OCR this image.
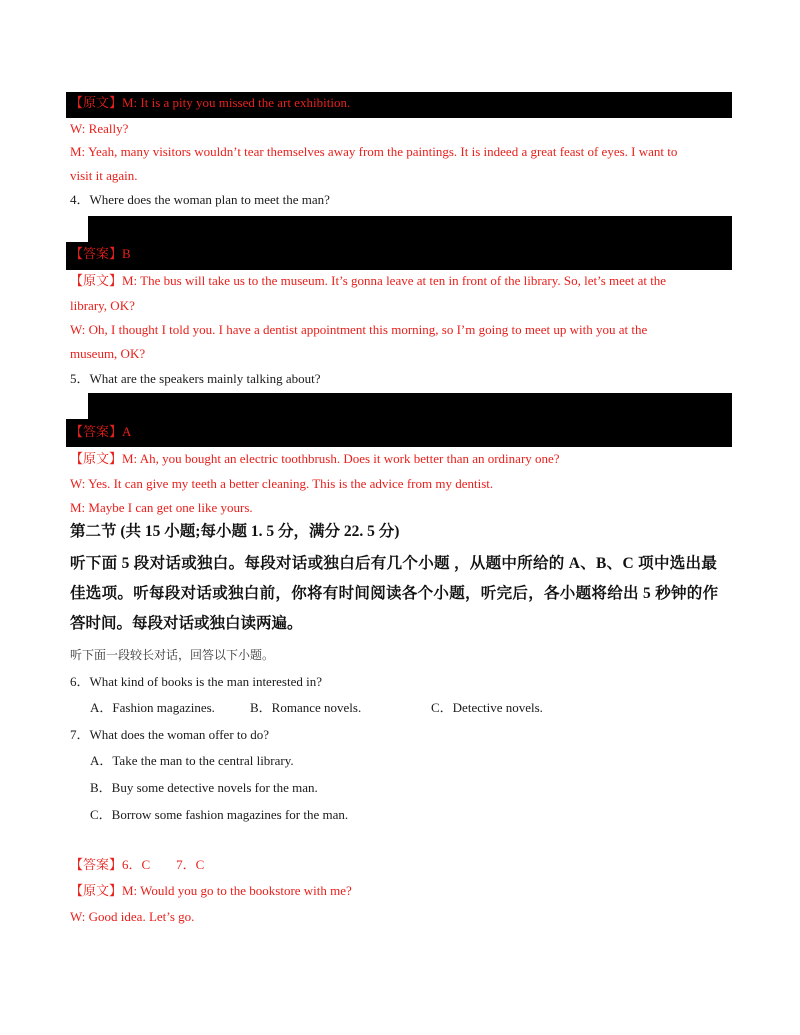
【原文】M: It is a pity you missed the art exhibition.
W: Really?
M: Yeah, many visitors wouldn’t tear themselves away from the paintings. It is indeed a great feast of eyes. I want to
visit it again.
4．Where does the woman plan to meet the man?
【答案】B
【原文】M: The bus will take us to the museum. It’s gonna leave at ten in front of the library. So, let’s meet at the
library, OK?
W: Oh, I thought I told you. I have a dentist appointment this morning, so I’m going to meet up with you at the
museum, OK?
5．What are the speakers mainly talking about?
【答案】A
【原文】M: Ah, you bought an electric toothbrush. Does it work better than an ordinary one?
W: Yes. It can give my teeth a better cleaning. This is the advice from my dentist.
M: Maybe I can get one like yours.
第二节 (共 15 小题;每小题 1. 5 分，满分 22. 5 分)
听下面 5 段对话或独白。每段对话或独白后有几个小题 ，从题中所给的 A、B、C 项中选出最
佳选项。听每段对话或独白前，你将有时间阅读各个小题，听完后，各小题将给出 5 秒钟的作
答时间。每段对话或独白读两遍。
听下面一段较长对话，回答以下小题。
6．What kind of books is the man interested in?
A．Fashion magazines.	B．Romance novels.	C．Detective novels.
7．What does the woman offer to do?
A．Take the man to the central library.
B．Buy some detective novels for the man.
C．Borrow some fashion magazines for the man.
【答案】6．C        7．C
【原文】M: Would you go to the bookstore with me?
W: Good idea. Let’s go.
